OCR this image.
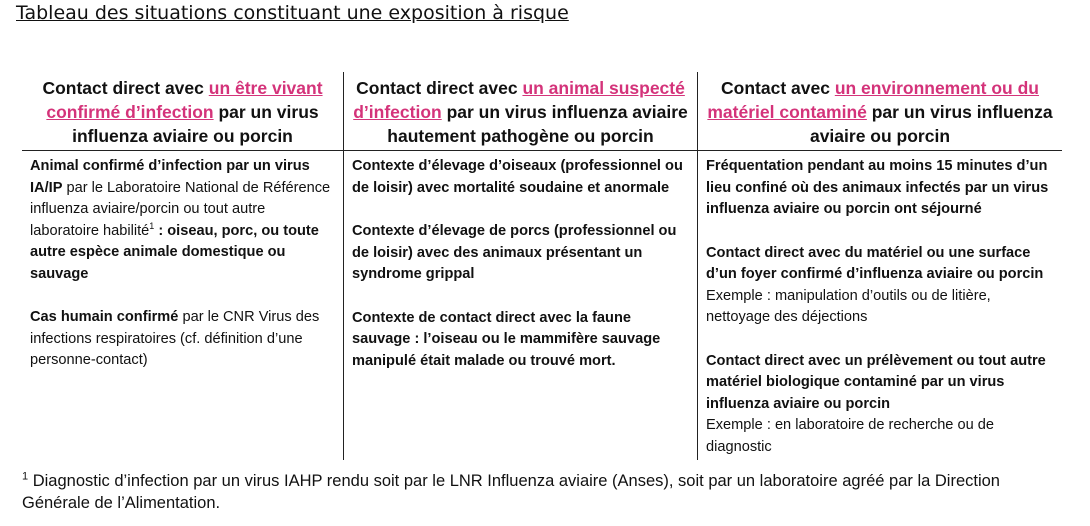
Tableau des situations constituant une exposition à risque
Contact direct avec un être vivant confirmé d’infection par un virus influenza aviaire ou porcin
Animal confirmé d’infection par un virus IA/IP par le Laboratoire National de Référence influenza aviaire/porcin ou tout autre laboratoire habilité$^1$ : oiseau, porc, ou toute autre espèce animale domestique ou sauvage
Cas humain confirmé par le CNR Virus des infections respiratoires (cf. définition d’une personne-contact)
Contact direct avec un animal suspecté d’infection par un virus influenza aviaire hautement pathogène ou porcin
Contexte d’élevage d’oiseaux (professionnel ou de loisir) avec mortalité soudaine et anormale
Contexte d’élevage de porcs (professionnel ou de loisir) avec des animaux présentant un syndrome grippal
Contexte de contact direct avec la faune sauvage : l’oiseau ou le mammifère sauvage manipulé était malade ou trouvé mort.
Contact avec un environnement ou du matériel contaminé par un virus influenza aviaire ou porcin
Fréquentation pendant au moins 15 minutes d’un lieu confiné où des animaux infectés par un virus influenza aviaire ou porcin ont séjourné
Contact direct avec du matériel ou une surface d’un foyer confirmé d’influenza aviaire ou porcin
Exemple : manipulation d’outils ou de litière, nettoyage des déjections
Contact direct avec un prélèvement ou tout autre matériel biologique contaminé par un virus influenza aviaire ou porcin
Exemple : en laboratoire de recherche ou de diagnostic
$^1$ Diagnostic d’infection par un virus IAHP rendu soit par le LNR Influenza aviaire (Anses), soit par un laboratoire agréé par la Direction Générale de l’Alimentation.
